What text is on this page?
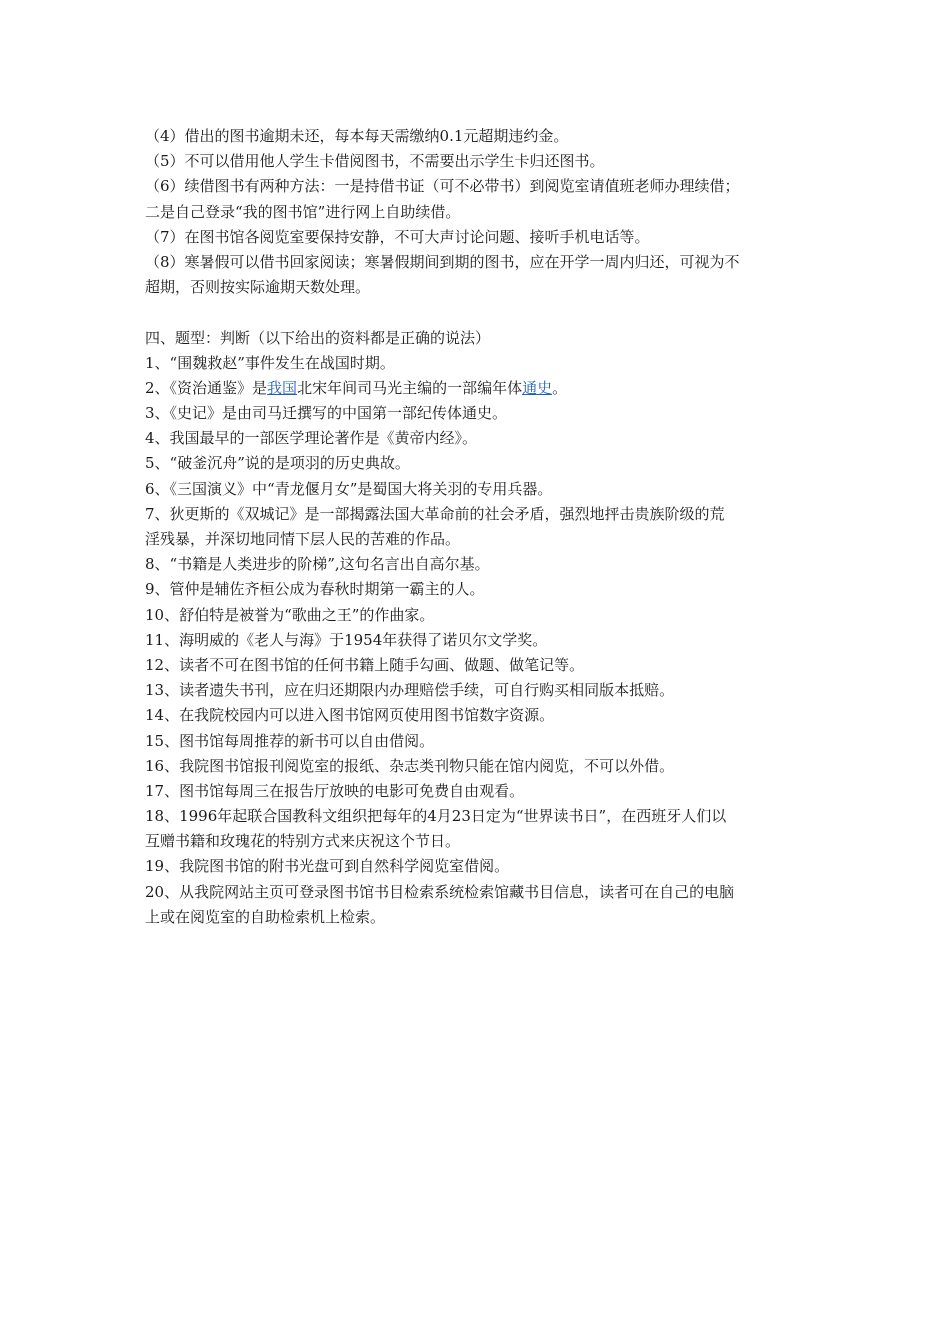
（4）借出的图书逾期未还，每本每天需缴纳0.1元超期违约金。
（5）不可以借用他人学生卡借阅图书，不需要出示学生卡归还图书。
（6）续借图书有两种方法：一是持借书证（可不必带书）到阅览室请值班老师办理续借；
二是自己登录“我的图书馆”进行网上自助续借。
（7）在图书馆各阅览室要保持安静，不可大声讨论问题、接听手机电话等。
（8）寒暑假可以借书回家阅读；寒暑假期间到期的图书，应在开学一周内归还，可视为不
超期，否则按实际逾期天数处理。
四、题型：判断（以下给出的资料都是正确的说法）
1、“围魏救赵”事件发生在战国时期。
2、《资治通鉴》是我国北宋年间司马光主编的一部编年体通史。
3、《史记》是由司马迁撰写的中国第一部纪传体通史。
4、我国最早的一部医学理论著作是《黄帝内经》。
5、“破釜沉舟”说的是项羽的历史典故。
6、《三国演义》中“青龙偃月女”是蜀国大将关羽的专用兵器。
7、狄更斯的《双城记》是一部揭露法国大革命前的社会矛盾，强烈地抨击贵族阶级的荒
淫残暴，并深切地同情下层人民的苦难的作品。
8、“书籍是人类进步的阶梯”,这句名言出自高尔基。
9、管仲是辅佐齐桓公成为春秋时期第一霸主的人。
10、舒伯特是被誉为“歌曲之王”的作曲家。
11、海明威的《老人与海》于1954年获得了诺贝尔文学奖。
12、读者不可在图书馆的任何书籍上随手勾画、做题、做笔记等。
13、读者遗失书刊，应在归还期限内办理赔偿手续，可自行购买相同版本抵赔。
14、在我院校园内可以进入图书馆网页使用图书馆数字资源。
15、图书馆每周推荐的新书可以自由借阅。
16、我院图书馆报刊阅览室的报纸、杂志类刊物只能在馆内阅览，不可以外借。
17、图书馆每周三在报告厅放映的电影可免费自由观看。
18、1996年起联合国教科文组织把每年的4月23日定为“世界读书日”，在西班牙人们以
互赠书籍和玫瑰花的特别方式来庆祝这个节日。
19、我院图书馆的附书光盘可到自然科学阅览室借阅。
20、从我院网站主页可登录图书馆书目检索系统检索馆藏书目信息，读者可在自己的电脑
上或在阅览室的自助检索机上检索。
